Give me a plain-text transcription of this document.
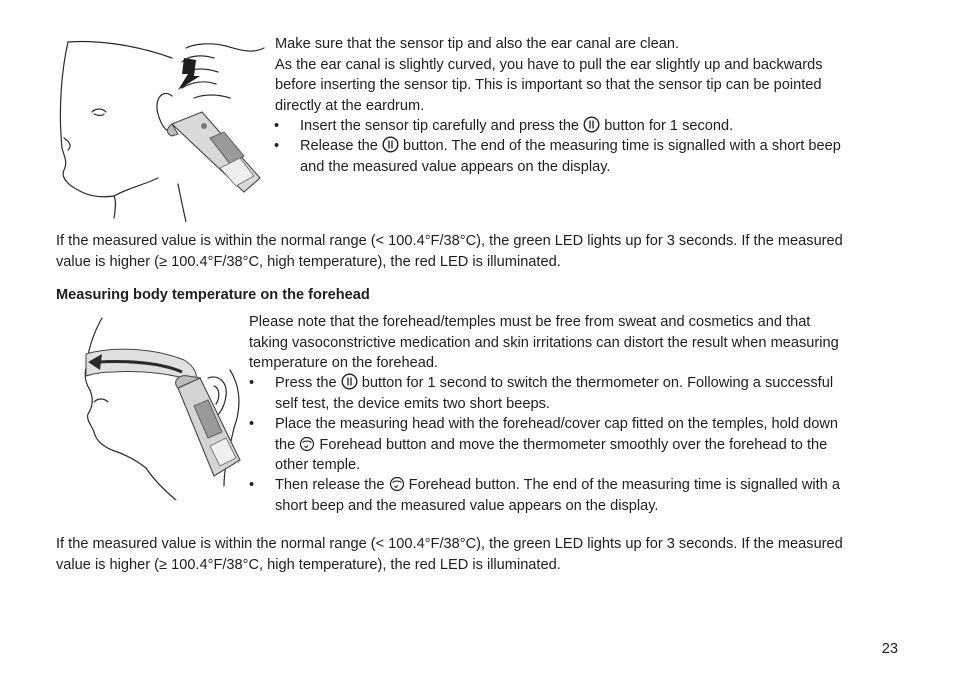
Make sure that the sensor tip and also the ear canal are clean.
As the ear canal is slightly curved, you have to pull the ear slightly up and backwards
before inserting the sensor tip. This is important so that the sensor tip can be pointed
directly at the eardrum.
• Insert the sensor tip carefully and press the button for 1 second.
• Release the button. The end of the measuring time is signalled with a short beep
and the measured value appears on the display.
If the measured value is within the normal range (< 100.4°F/38°C), the green LED lights up for 3 seconds. If the measured
value is higher (≥ 100.4°F/38°C, high temperature), the red LED is illuminated.
Measuring body temperature on the forehead
Please note that the forehead/temples must be free from sweat and cosmetics and that
taking vasoconstrictive medication and skin irritations can distort the result when measuring
temperature on the forehead.
• Press the button for 1 second to switch the thermometer on. Following a successful
self test, the device emits two short beeps.
• Place the measuring head with the forehead/cover cap fitted on the temples, hold down
the Forehead button and move the thermometer smoothly over the forehead to the
other temple.
• Then release the Forehead button. The end of the measuring time is signalled with a
short beep and the measured value appears on the display.
If the measured value is within the normal range (< 100.4°F/38°C), the green LED lights up for 3 seconds. If the measured
value is higher (≥ 100.4°F/38°C, high temperature), the red LED is illuminated.
23
